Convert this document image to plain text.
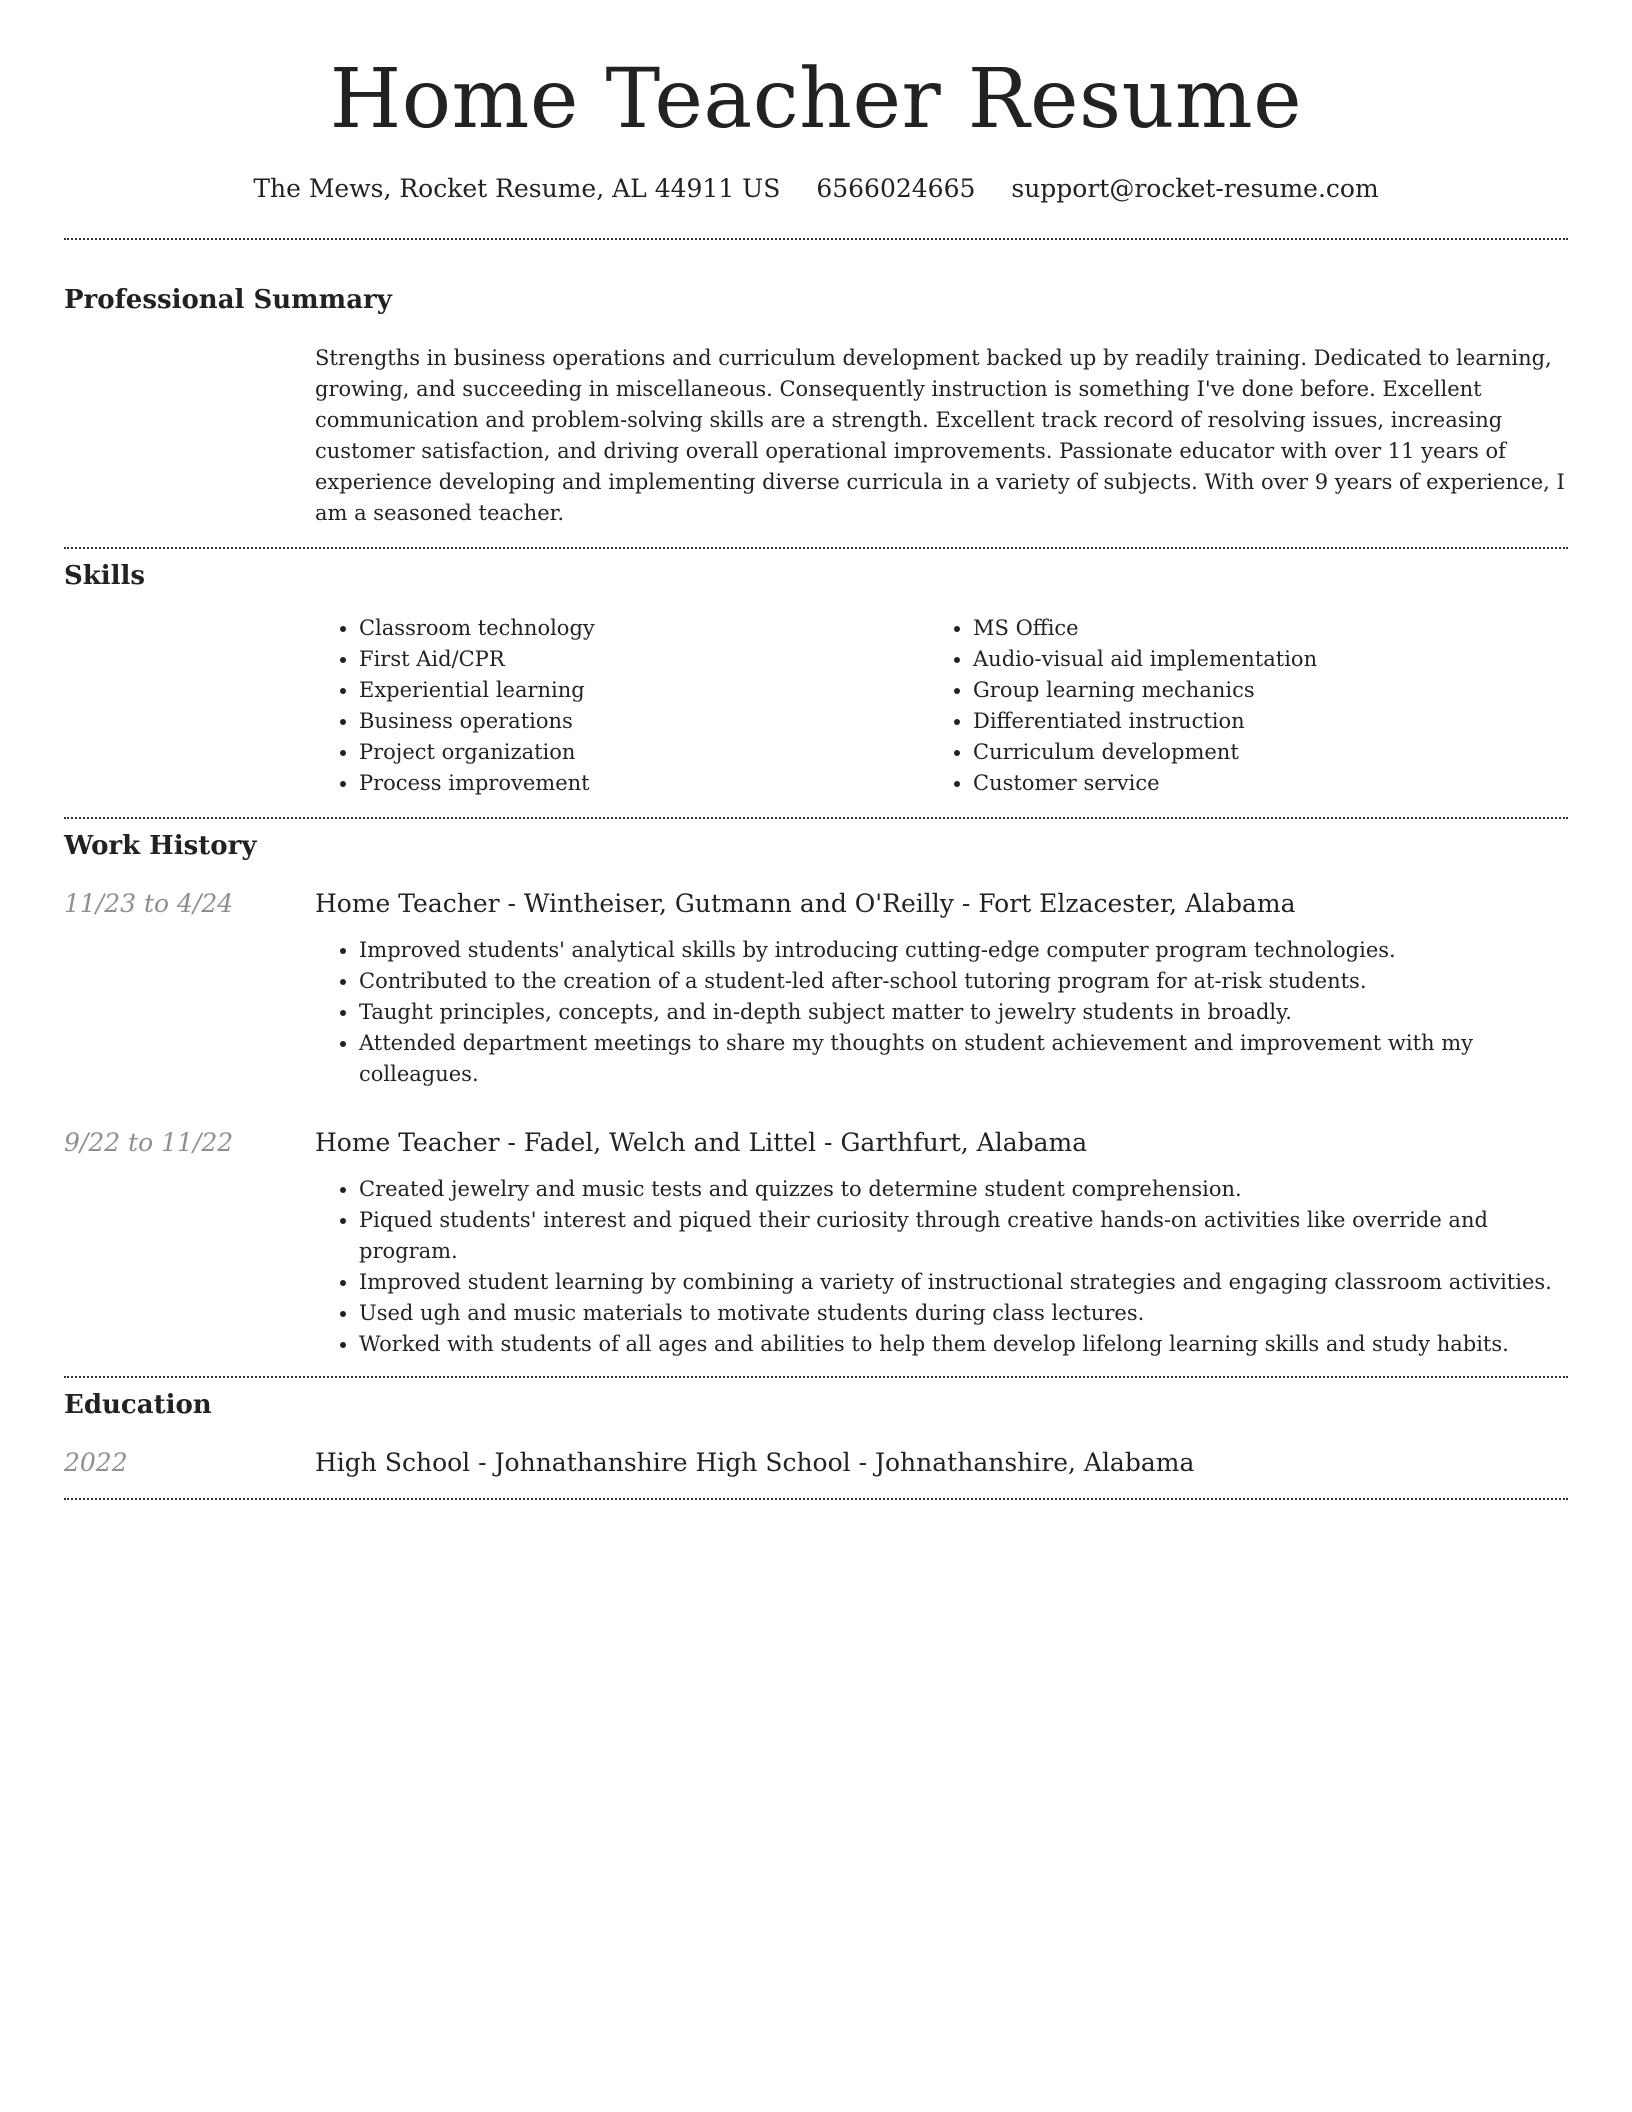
Home Teacher Resume
The Mews, Rocket Resume, AL 44911 US 6566024665 support@rocket-resume.com
Professional Summary

Strengths in business operations and curriculum development backed up by readily training. Dedicated to learning, growing, and succeeding in miscellaneous. Consequently instruction is something I've done before. Excellent communication and problem-solving skills are a strength. Excellent track record of resolving issues, increasing customer satisfaction, and driving overall operational improvements. Passionate educator with over 11 years of experience developing and implementing diverse curricula in a variety of subjects. With over 9 years of experience, I am a seasoned teacher.

Skills
• Classroom technology
• First Aid/CPR
• Experiential learning
• Business operations
• Project organization
• Process improvement
• MS Office
• Audio-visual aid implementation
• Group learning mechanics
• Differentiated instruction
• Curriculum development
• Customer service
Work History
11/23 to 4/24	Home Teacher - Wintheiser, Gutmann and O'Reilly - Fort Elzacester, Alabama
• Improved students' analytical skills by introducing cutting-edge computer program technologies.
• Contributed to the creation of a student-led after-school tutoring program for at-risk students.
• Taught principles, concepts, and in-depth subject matter to jewelry students in broadly.
• Attended department meetings to share my thoughts on student achievement and improvement with my colleagues.
9/22 to 11/22	Home Teacher - Fadel, Welch and Littel - Garthfurt, Alabama
• Created jewelry and music tests and quizzes to determine student comprehension.
• Piqued students' interest and piqued their curiosity through creative hands-on activities like override and program.
• Improved student learning by combining a variety of instructional strategies and engaging classroom activities.
• Used ugh and music materials to motivate students during class lectures.
• Worked with students of all ages and abilities to help them develop lifelong learning skills and study habits.
Education
2022	High School - Johnathanshire High School - Johnathanshire, Alabama
